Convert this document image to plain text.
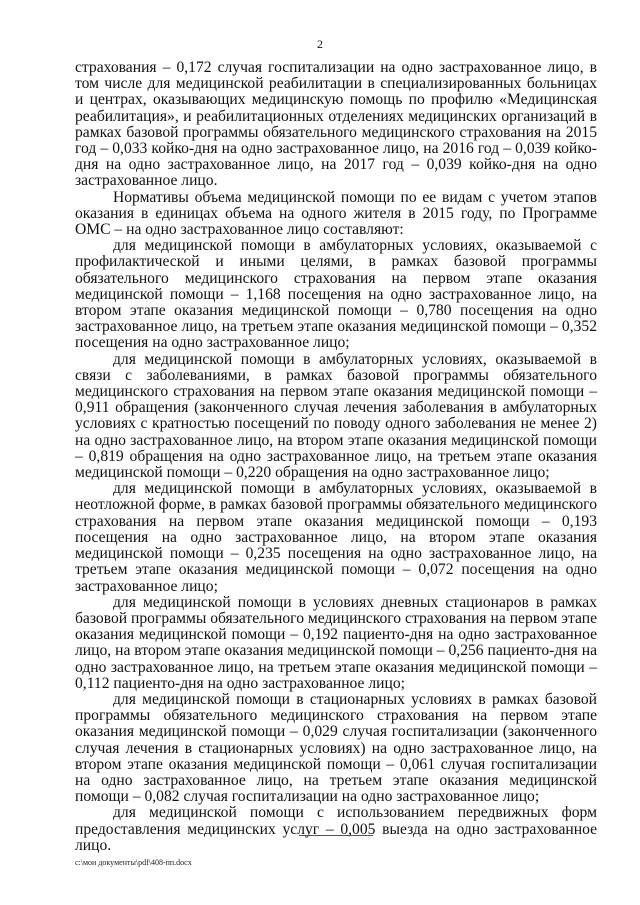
2

страхования – 0,172 случая госпитализации на одно застрахованное лицо, в том числе для медицинской реабилитации в специализированных больницах и центрах, оказывающих медицинскую помощь по профилю «Медицинская реабилитация», и реабилитационных отделениях медицинских организаций в рамках базовой программы обязательного медицинского страхования на 2015 год – 0,033 койко-дня на одно застрахованное лицо, на 2016 год – 0,039 койко-дня на одно застрахованное лицо, на 2017 год – 0,039 койко-дня на одно застрахованное лицо.

Нормативы объема медицинской помощи по ее видам с учетом этапов оказания в единицах объема на одного жителя в 2015 году, по Программе ОМС – на одно застрахованное лицо составляют:

для медицинской помощи в амбулаторных условиях, оказываемой с профилактической и иными целями, в рамках базовой программы обязательного медицинского страхования на первом этапе оказания медицинской помощи – 1,168 посещения на одно застрахованное лицо, на втором этапе оказания медицинской помощи – 0,780 посещения на одно застрахованное лицо, на третьем этапе оказания медицинской помощи – 0,352 посещения на одно застрахованное лицо;

для медицинской помощи в амбулаторных условиях, оказываемой в связи с заболеваниями, в рамках базовой программы обязательного медицинского страхования на первом этапе оказания медицинской помощи – 0,911 обращения (законченного случая лечения заболевания в амбулаторных условиях с кратностью посещений по поводу одного заболевания не менее 2) на одно застрахованное лицо, на втором этапе оказания медицинской помощи – 0,819 обращения на одно застрахованное лицо, на третьем этапе оказания медицинской помощи – 0,220 обращения на одно застрахованное лицо;

для медицинской помощи в амбулаторных условиях, оказываемой в неотложной форме, в рамках базовой программы обязательного медицинского страхования на первом этапе оказания медицинской помощи – 0,193 посещения на одно застрахованное лицо, на втором этапе оказания медицинской помощи – 0,235 посещения на одно застрахованное лицо, на третьем этапе оказания медицинской помощи – 0,072 посещения на одно застрахованное лицо;

для медицинской помощи в условиях дневных стационаров в рамках базовой программы обязательного медицинского страхования на первом этапе оказания медицинской помощи – 0,192 пациенто-дня на одно застрахованное лицо, на втором этапе оказания медицинской помощи – 0,256 пациенто-дня на одно застрахованное лицо, на третьем этапе оказания медицинской помощи – 0,112 пациенто-дня на одно застрахованное лицо;

для медицинской помощи в стационарных условиях в рамках базовой программы обязательного медицинского страхования на первом этапе оказания медицинской помощи – 0,029 случая госпитализации (законченного случая лечения в стационарных условиях) на одно застрахованное лицо, на втором этапе оказания медицинской помощи – 0,061 случая госпитализации на одно застрахованное лицо, на третьем этапе оказания медицинской помощи – 0,082 случая госпитализации на одно застрахованное лицо;

для медицинской помощи с использованием передвижных форм предоставления медицинских услуг – 0,005 выезда на одно застрахованное лицо.

c:\мои документы\pdf\408-пп.docx
